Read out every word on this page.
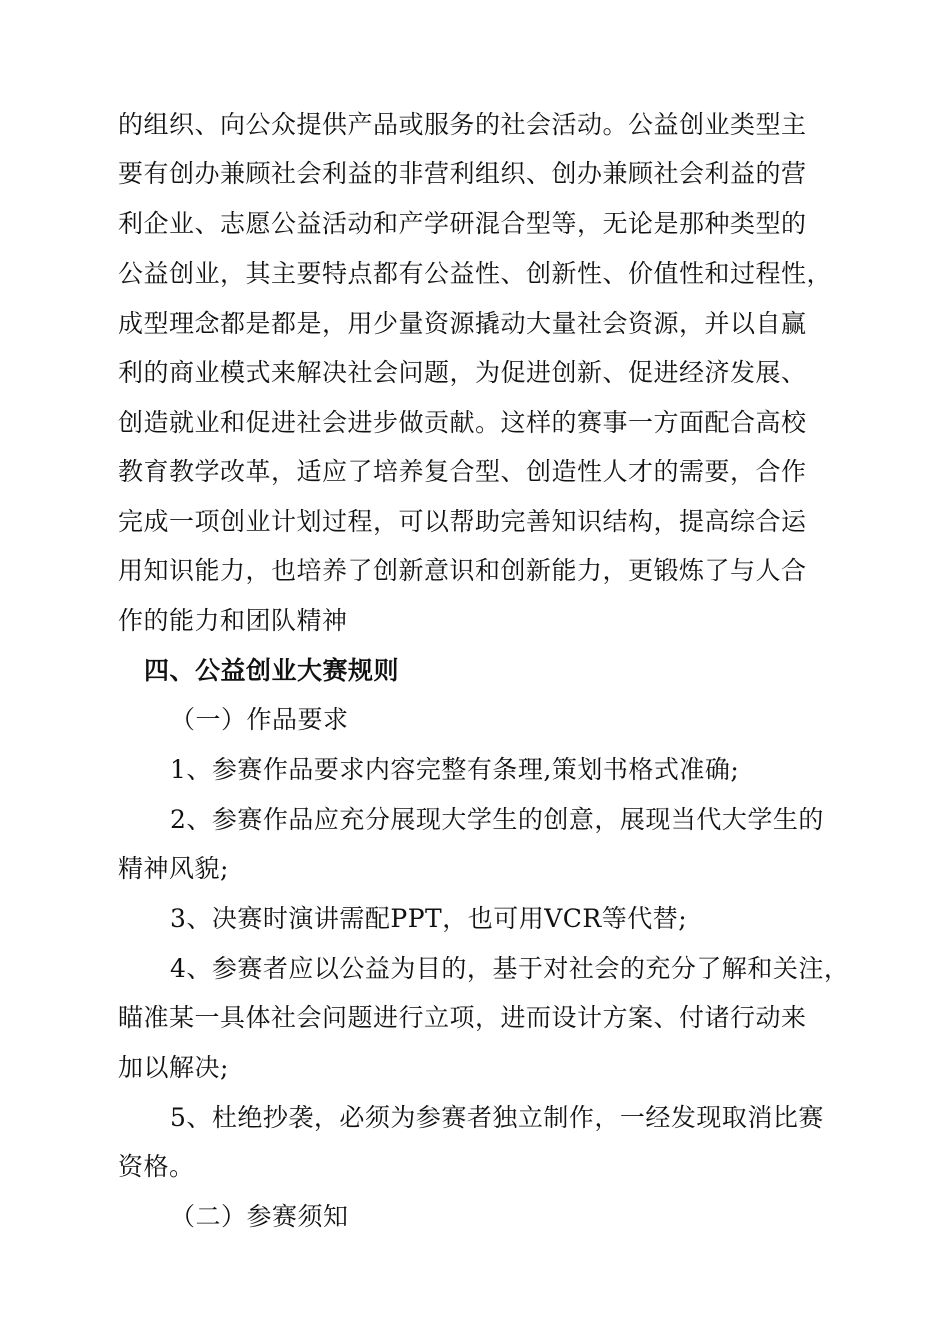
的组织、向公众提供产品或服务的社会活动。公益创业类型主
要有创办兼顾社会利益的非营利组织、创办兼顾社会利益的营
利企业、志愿公益活动和产学研混合型等，无论是那种类型的
公益创业，其主要特点都有公益性、创新性、价值性和过程性，
成型理念都是都是，用少量资源撬动大量社会资源，并以自赢
利的商业模式来解决社会问题，为促进创新、促进经济发展、
创造就业和促进社会进步做贡献。这样的赛事一方面配合高校
教育教学改革，适应了培养复合型、创造性人才的需要，合作
完成一项创业计划过程，可以帮助完善知识结构，提高综合运
用知识能力，也培养了创新意识和创新能力，更锻炼了与人合
作的能力和团队精神
四、公益创业大赛规则
（一）作品要求
1、参赛作品要求内容完整有条理,策划书格式准确;
2、参赛作品应充分展现大学生的创意，展现当代大学生的
精神风貌;
3、决赛时演讲需配PPT，也可用VCR等代替;
4、参赛者应以公益为目的，基于对社会的充分了解和关注，
瞄准某一具体社会问题进行立项，进而设计方案、付诸行动来
加以解决;
5、杜绝抄袭，必须为参赛者独立制作，一经发现取消比赛
资格。
（二）参赛须知
